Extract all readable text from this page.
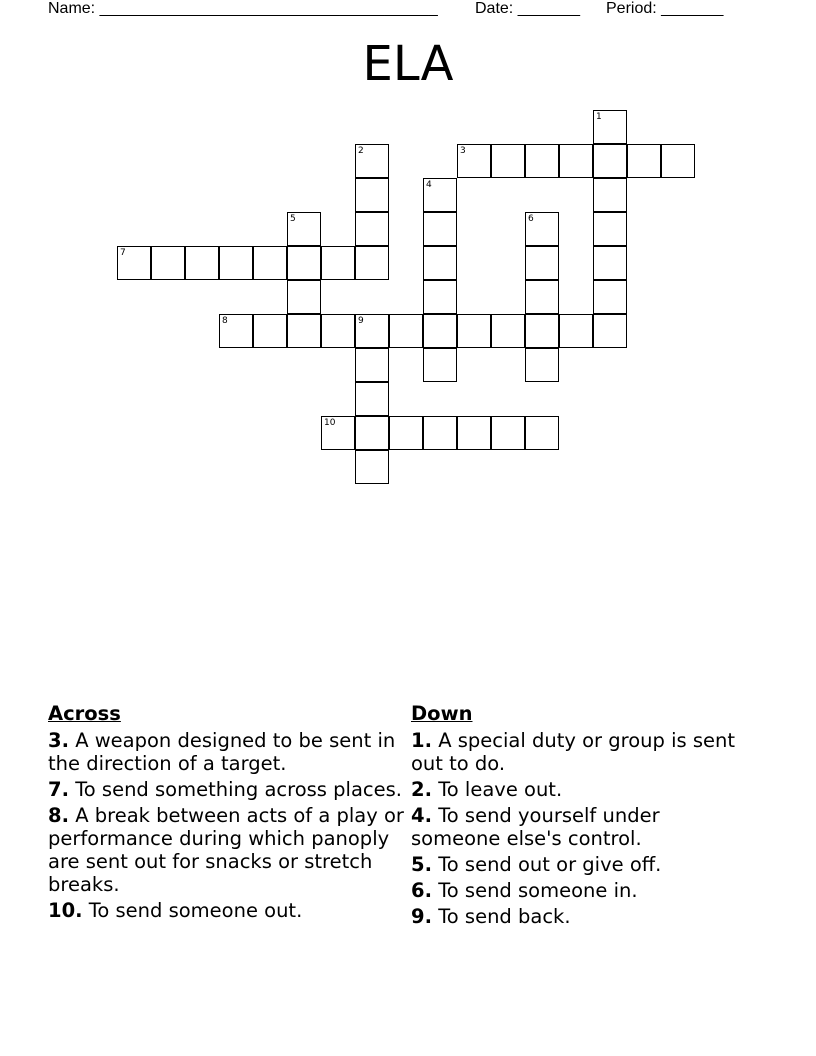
Name: ______________________________________ Date: _______ Period: _______
ELA
1
2	3
4
5	6
7
8	9
10
Across
3. A weapon designed to be sent in the direction of a target.
7. To send something across places.
8. A break between acts of a play or performance during which panoply are sent out for snacks or stretch breaks.
10. To send someone out.
Down
1. A special duty or group is sent out to do.
2. To leave out.
4. To send yourself under someone else's control.
5. To send out or give off.
6. To send someone in.
9. To send back.
